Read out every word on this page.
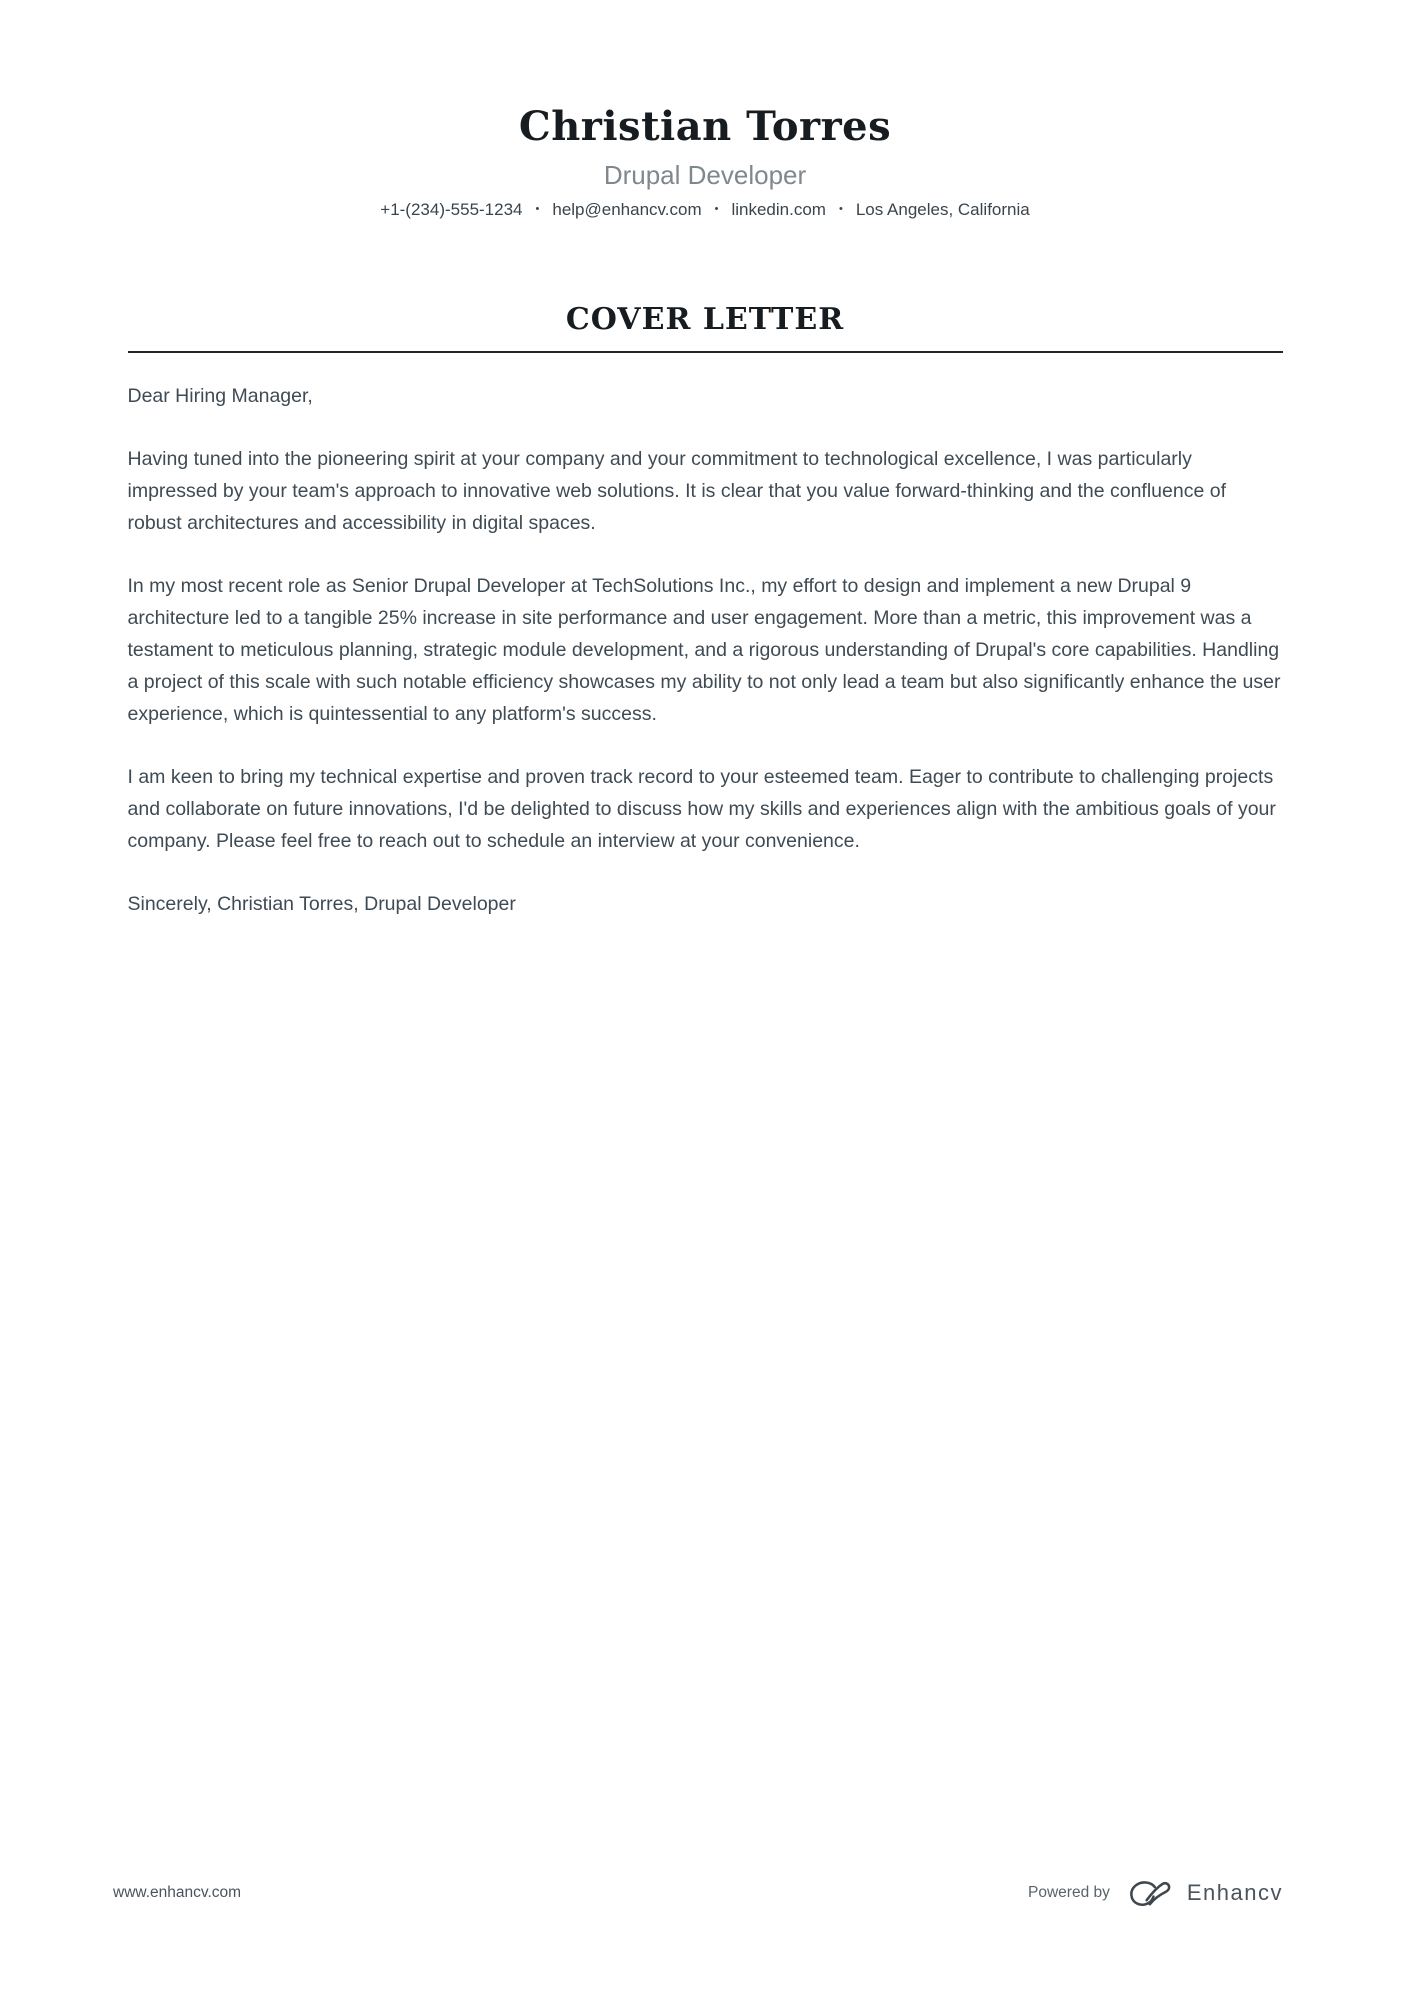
Christian Torres
Drupal Developer
+1-(234)-555-1234 • help@enhancv.com • linkedin.com • Los Angeles, California
COVER LETTER

Dear Hiring Manager,

Having tuned into the pioneering spirit at your company and your commitment to technological excellence, I was particularly impressed by your team's approach to innovative web solutions. It is clear that you value forward-thinking and the confluence of robust architectures and accessibility in digital spaces.

In my most recent role as Senior Drupal Developer at TechSolutions Inc., my effort to design and implement a new Drupal 9 architecture led to a tangible 25% increase in site performance and user engagement. More than a metric, this improvement was a testament to meticulous planning, strategic module development, and a rigorous understanding of Drupal's core capabilities. Handling a project of this scale with such notable efficiency showcases my ability to not only lead a team but also significantly enhance the user experience, which is quintessential to any platform's success.

I am keen to bring my technical expertise and proven track record to your esteemed team. Eager to contribute to challenging projects and collaborate on future innovations, I'd be delighted to discuss how my skills and experiences align with the ambitious goals of your company. Please feel free to reach out to schedule an interview at your convenience.

Sincerely, Christian Torres, Drupal Developer

www.enhancv.com	Powered by	Enhancv
